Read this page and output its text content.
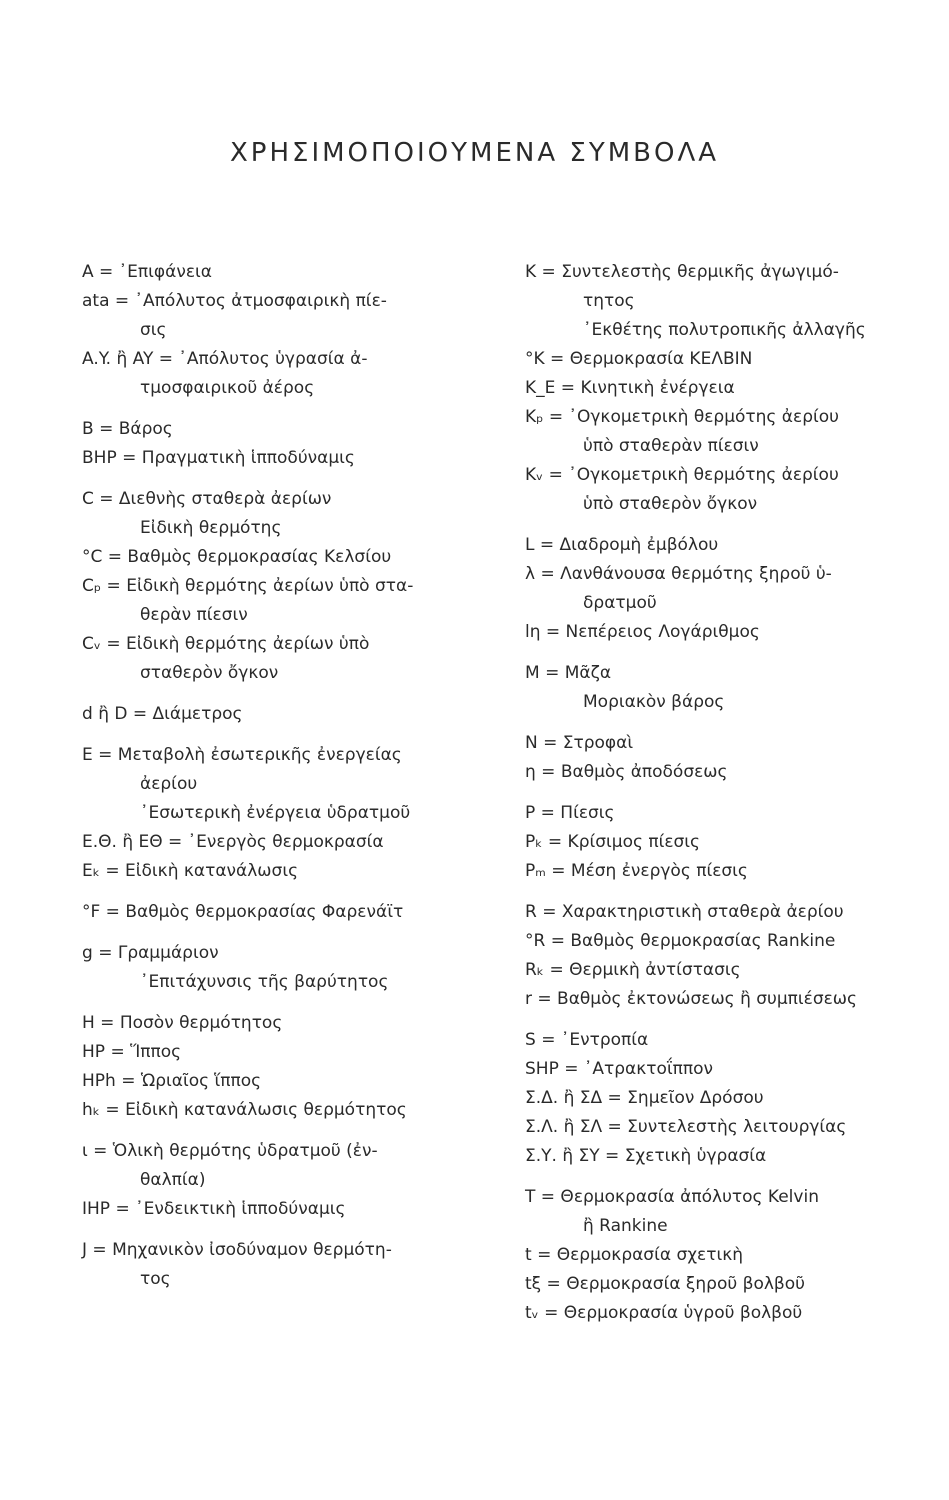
ΧΡΗΣΙΜΟΠΟΙΟΥΜΕΝΑ ΣΥΜΒΟΛΑ
A = ᾽Επιφάνεια
ata = ᾽Απόλυτος ἀτμοσφαιρικὴ πίε-
σις
A.Y. ἢ AY = ᾽Απόλυτος ὑγρασία ἀ-
τμοσφαιρικοῦ ἀέρος
B = Βάρος
BHP = Πραγματικὴ ἱπποδύναμις
C = Διεθνὴς σταθερὰ ἀερίων
Εἰδικὴ θερμότης
°C = Βαθμὸς θερμοκρασίας Κελσίου
Cₚ = Εἰδικὴ θερμότης ἀερίων ὑπὸ στα-
θερὰν πίεσιν
Cᵥ = Εἰδικὴ θερμότης ἀερίων ὑπὸ
σταθερὸν ὄγκον
d ἢ D = Διάμετρος
E = Μεταβολὴ ἐσωτερικῆς ἐνεργείας
ἀερίου
᾽Εσωτερικὴ ἐνέργεια ὑδρατμοῦ
E.Θ. ἢ EΘ = ᾽Ενεργὸς θερμοκρασία
Eₖ = Εἰδικὴ κατανάλωσις
°F = Βαθμὸς θερμοκρασίας Φαρενάϊτ
g = Γραμμάριον
᾽Επιτάχυνσις τῆς βαρύτητος
H = Ποσὸν θερμότητος
HP = Ἵππος
HPh = Ὡριαῖος ἵππος
hₖ = Εἰδικὴ κατανάλωσις θερμότητος
ι = Ὁλικὴ θερμότης ὑδρατμοῦ (ἐν-
θαλπία)
IHP = ᾽Ενδεικτικὴ ἱπποδύναμις
J = Μηχανικὸν ἰσοδύναμον θερμότη-
τος
K = Συντελεστὴς θερμικῆς ἀγωγιμό-
τητος
᾽Εκθέτης πολυτροπικῆς ἀλλαγῆς
°K = Θερμοκρασία ΚΕΛΒΙΝ
K_E = Κινητικὴ ἐνέργεια
Kₚ = ᾽Ογκομετρικὴ θερμότης ἀερίου
ὑπὸ σταθερὰν πίεσιν
Kᵥ = ᾽Ογκομετρικὴ θερμότης ἀερίου
ὑπὸ σταθερὸν ὄγκον
L = Διαδρομὴ ἐμβόλου
λ = Λανθάνουσα θερμότης ξηροῦ ὑ-
δρατμοῦ
lη = Νεπέρειος Λογάριθμος
M = Μᾶζα
Μοριακὸν βάρος
N = Στροφαὶ
η = Βαθμὸς ἀποδόσεως
P = Πίεσις
Pₖ = Κρίσιμος πίεσις
Pₘ = Μέση ἐνεργὸς πίεσις
R = Χαρακτηριστικὴ σταθερὰ ἀερίου
°R = Βαθμὸς θερμοκρασίας Rankine
Rₖ = Θερμικὴ ἀντίστασις
r = Βαθμὸς ἐκτονώσεως ἢ συμπιέσεως
S = ᾽Εντροπία
SHP = ᾽Ατρακτοΐππον
Σ.Δ. ἢ ΣΔ = Σημεῖον Δρόσου
Σ.Λ. ἢ ΣΛ = Συντελεστὴς λειτουργίας
Σ.Υ. ἢ ΣΥ = Σχετικὴ ὑγρασία
T = Θερμοκρασία ἀπόλυτος Kelvin
ἢ Rankine
t = Θερμοκρασία σχετικὴ
tξ = Θερμοκρασία ξηροῦ βολβοῦ
tᵥ = Θερμοκρασία ὑγροῦ βολβοῦ
